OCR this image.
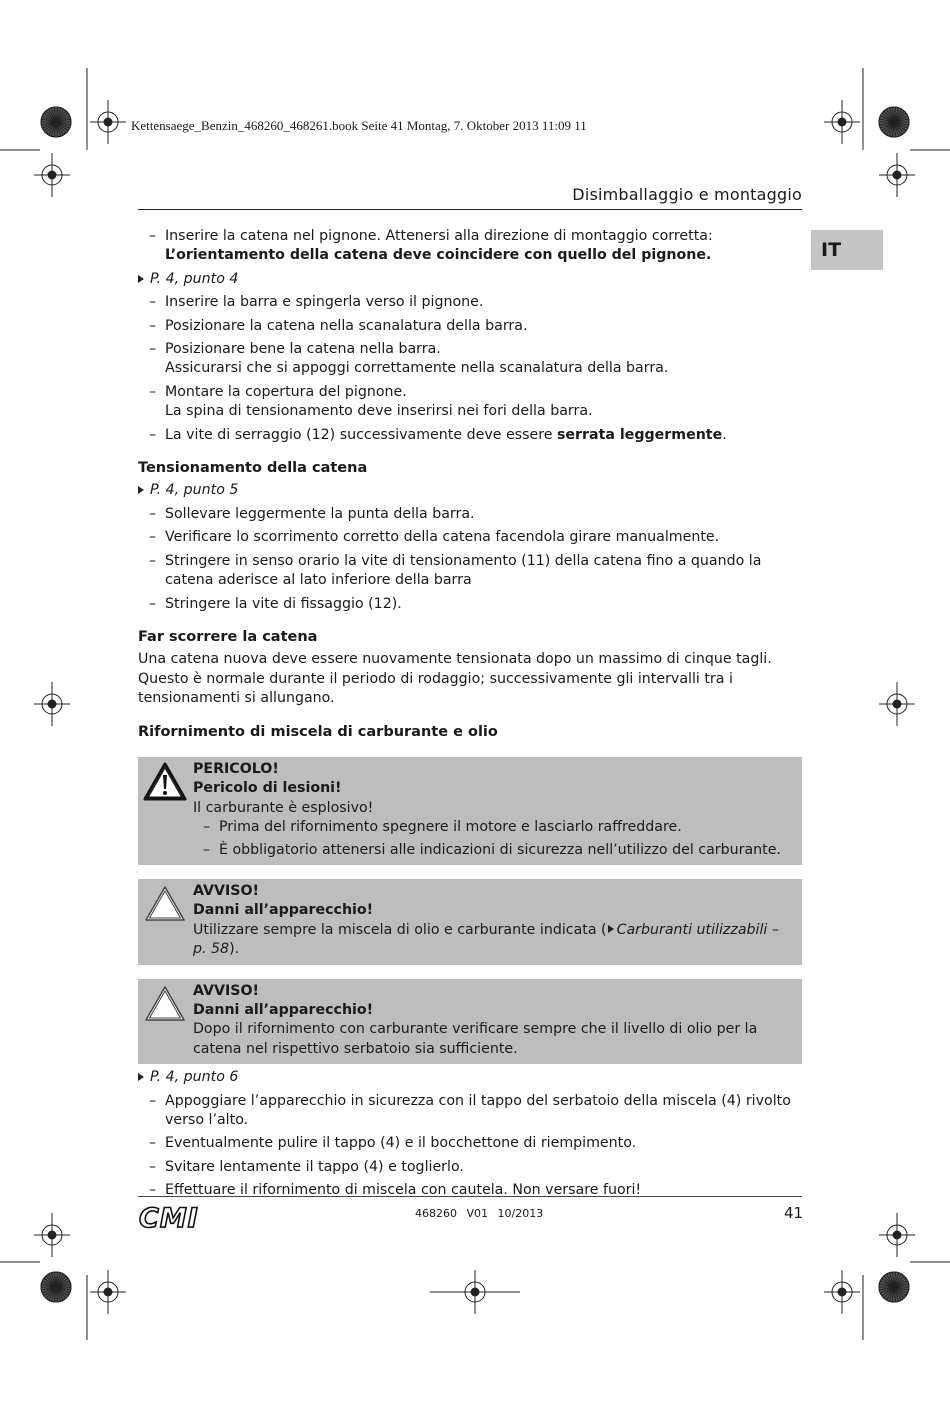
Kettensaege_Benzin_468260_468261.book Seite 41 Montag, 7. Oktober 2013 11:09 11
Disimballaggio e montaggio
IT
– Inserire la catena nel pignone. Attenersi alla direzione di montaggio corretta: L’orientamento della catena deve coincidere con quello del pignone.
P. 4, punto 4
– Inserire la barra e spingerla verso il pignone.
– Posizionare la catena nella scanalatura della barra.
– Posizionare bene la catena nella barra.
Assicurarsi che si appoggi correttamente nella scanalatura della barra.
– Montare la copertura del pignone.
La spina di tensionamento deve inserirsi nei fori della barra.
– La vite di serraggio (12) successivamente deve essere serrata leggermente.
Tensionamento della catena
P. 4, punto 5
– Sollevare leggermente la punta della barra.
– Verificare lo scorrimento corretto della catena facendola girare manualmente.
– Stringere in senso orario la vite di tensionamento (11) della catena fino a quando la catena aderisce al lato inferiore della barra
– Stringere la vite di fissaggio (12).
Far scorrere la catena

Una catena nuova deve essere nuovamente tensionata dopo un massimo di cinque tagli. Questo è normale durante il periodo di rodaggio; successivamente gli intervalli tra i tensionamenti si allungano.

Rifornimento di miscela di carburante e olio
PERICOLO!
Pericolo di lesioni!
Il carburante è esplosivo!
– Prima del rifornimento spegnere il motore e lasciarlo raffreddare.
– È obbligatorio attenersi alle indicazioni di sicurezza nell’utilizzo del carburante.
AVVISO!
Danni all’apparecchio!
Utilizzare sempre la miscela di olio e carburante indicata ( Carburanti utilizzabili – p. 58).
AVVISO!
Danni all’apparecchio!
Dopo il rifornimento con carburante verificare sempre che il livello di olio per la catena nel rispettivo serbatoio sia sufficiente.
P. 4, punto 6
– Appoggiare l’apparecchio in sicurezza con il tappo del serbatoio della miscela (4) rivolto verso l’alto.
– Eventualmente pulire il tappo (4) e il bocchettone di riempimento.
– Svitare lentamente il tappo (4) e toglierlo.
– Effettuare il rifornimento di miscela con cautela. Non versare fuori!
CMI	468260 V01 10/2013	41
